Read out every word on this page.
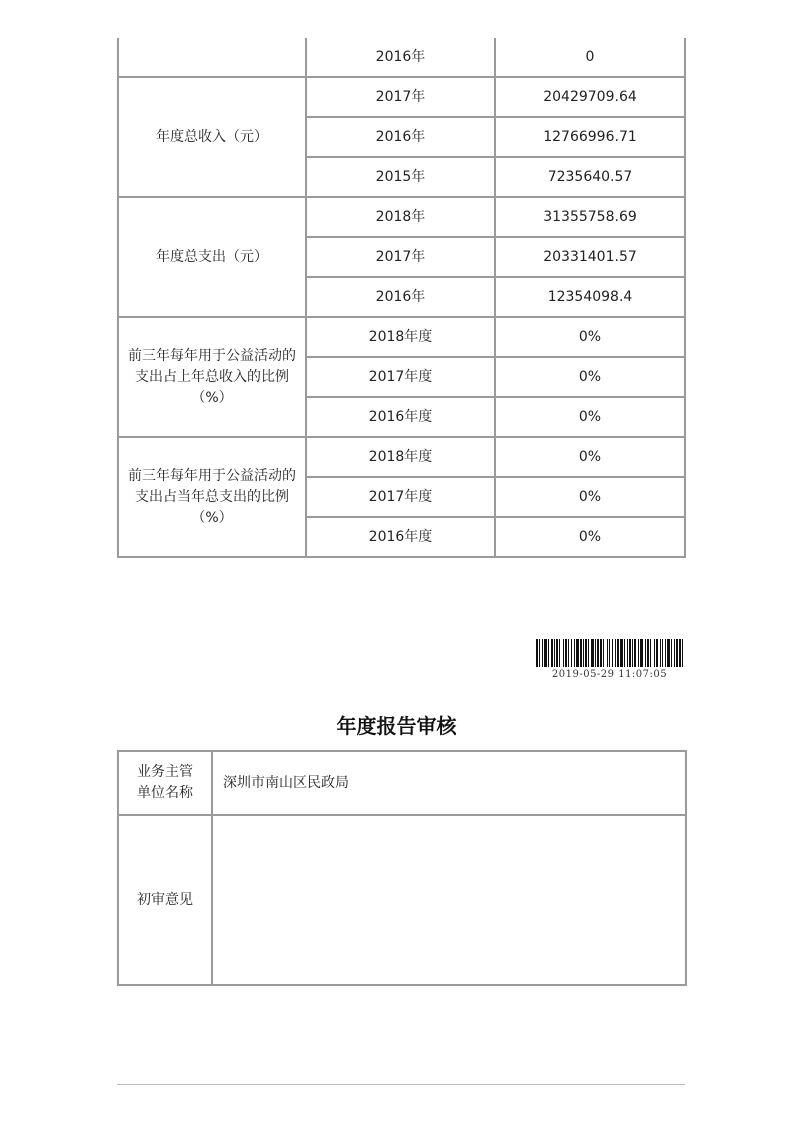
	2016年	0
年度总收入（元）	2017年	20429709.64
	2016年	12766996.71
	2015年	7235640.57
年度总支出（元）	2018年	31355758.69
	2017年	20331401.57
	2016年	12354098.4
前三年每年用于公益活动的支出占上年总收入的比例（%）	2018年度	0%
	2017年度	0%
	2016年度	0%
前三年每年用于公益活动的支出占当年总支出的比例（%）	2018年度	0%
	2017年度	0%
	2016年度	0%
2019-05-29 11:07:05
年度报告审核
业务主管单位名称	深圳市南山区民政局
初审意见	
